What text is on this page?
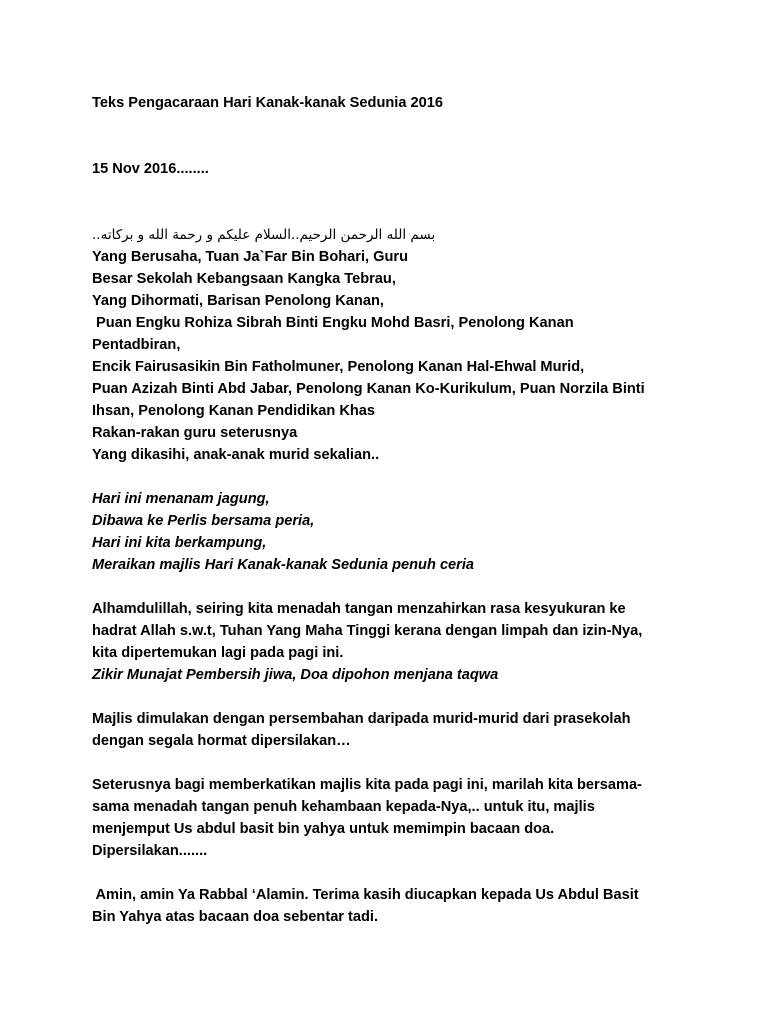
Teks Pengacaraan Hari Kanak-kanak Sedunia 2016
15 Nov 2016........
بسم الله الرحمن الرحيم..السلام عليكم و رحمة الله و بركاته..
Yang Berusaha, Tuan Ja`Far Bin Bohari, Guru
Besar Sekolah Kebangsaan Kangka Tebrau,
Yang Dihormati, Barisan Penolong Kanan,
Puan Engku Rohiza Sibrah Binti Engku Mohd Basri, Penolong Kanan
Pentadbiran,
Encik Fairusasikin Bin Fatholmuner, Penolong Kanan Hal-Ehwal Murid,
Puan Azizah Binti Abd Jabar, Penolong Kanan Ko-Kurikulum, Puan Norzila Binti
Ihsan, Penolong Kanan Pendidikan Khas
Rakan-rakan guru seterusnya
Yang dikasihi, anak-anak murid sekalian..
Hari ini menanam jagung,
Dibawa ke Perlis bersama peria,
Hari ini kita berkampung,
Meraikan majlis Hari Kanak-kanak Sedunia penuh ceria
Alhamdulillah, seiring kita menadah tangan menzahirkan rasa kesyukuran ke
hadrat Allah s.w.t, Tuhan Yang Maha Tinggi kerana dengan limpah dan izin-Nya,
kita dipertemukan lagi pada pagi ini.
Zikir Munajat Pembersih jiwa, Doa dipohon menjana taqwa
Majlis dimulakan dengan persembahan daripada murid-murid dari prasekolah
dengan segala hormat dipersilakan…
Seterusnya bagi memberkatikan majlis kita pada pagi ini, marilah kita bersama-
sama menadah tangan penuh kehambaan kepada-Nya,.. untuk itu, majlis
menjemput Us abdul basit bin yahya untuk memimpin bacaan doa.
Dipersilakan.......
Amin, amin Ya Rabbal ‘Alamin. Terima kasih diucapkan kepada Us Abdul Basit
Bin Yahya atas bacaan doa sebentar tadi.
